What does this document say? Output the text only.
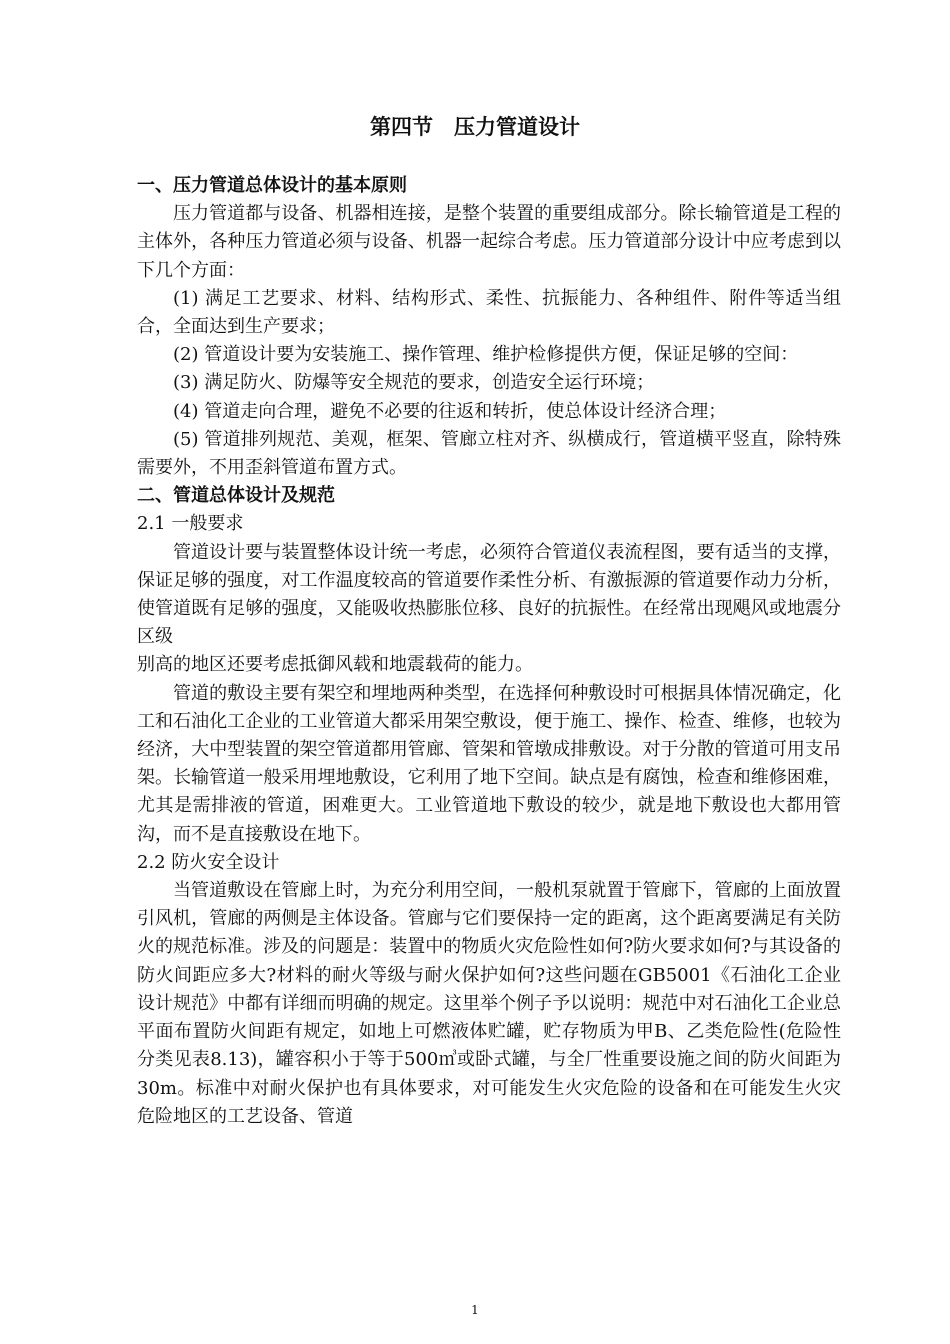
第四节　压力管道设计

一、压力管道总体设计的基本原则

压力管道都与设备、机器相连接，是整个装置的重要组成部分。除长输管道是工程的主体外，各种压力管道必须与设备、机器一起综合考虑。压力管道部分设计中应考虑到以下几个方面：

(1) 满足工艺要求、材料、结构形式、柔性、抗振能力、各种组件、附件等适当组合，全面达到生产要求；

(2) 管道设计要为安装施工、操作管理、维护检修提供方便，保证足够的空间：

(3) 满足防火、防爆等安全规范的要求，创造安全运行环境；

(4) 管道走向合理，避免不必要的往返和转折，使总体设计经济合理；

(5) 管道排列规范、美观，框架、管廊立柱对齐、纵横成行，管道横平竖直，除特殊需要外，不用歪斜管道布置方式。

二、管道总体设计及规范

2.1 一般要求

管道设计要与装置整体设计统一考虑，必须符合管道仪表流程图，要有适当的支撑，保证足够的强度，对工作温度较高的管道要作柔性分析、有激振源的管道要作动力分析，使管道既有足够的强度，又能吸收热膨胀位移、良好的抗振性。在经常出现飓风或地震分区级

别高的地区还要考虑抵御风载和地震载荷的能力。

管道的敷设主要有架空和埋地两种类型，在选择何种敷设时可根据具体情况确定，化工和石油化工企业的工业管道大都采用架空敷设，便于施工、操作、检查、维修，也较为经济，大中型装置的架空管道都用管廊、管架和管墩成排敷设。对于分散的管道可用支吊架。长输管道一般采用埋地敷设，它利用了地下空间。缺点是有腐蚀，检查和维修困难，尤其是需排液的管道，困难更大。工业管道地下敷设的较少，就是地下敷设也大都用管沟，而不是直接敷设在地下。

2.2 防火安全设计

当管道敷设在管廊上时，为充分利用空间，一般机泵就置于管廊下，管廊的上面放置引风机，管廊的两侧是主体设备。管廊与它们要保持一定的距离，这个距离要满足有关防火的规范标准。涉及的问题是：装置中的物质火灾危险性如何?防火要求如何?与其设备的防火间距应多大?材料的耐火等级与耐火保护如何?这些问题在GB5001《石油化工企业设计规范》中都有详细而明确的规定。这里举个例子予以说明：规范中对石油化工企业总平面布置防火间距有规定，如地上可燃液体贮罐，贮存物质为甲B、乙类危险性(危险性分类见表8.13)，罐容积小于等于500㎥或卧式罐，与全厂性重要设施之间的防火间距为30m。标准中对耐火保护也有具体要求，对可能发生火灾危险的设备和在可能发生火灾危险地区的工艺设备、管道

1
